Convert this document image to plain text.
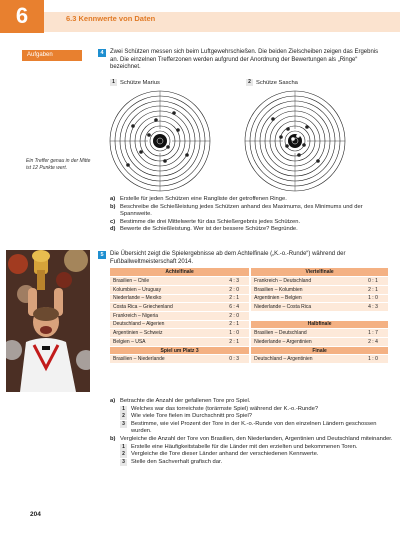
6	6.3 Kennwerte von Daten
Aufgaben
Ein Treffer genau in der Mitte ist 12 Punkte wert.
4	Zwei Schützen messen sich beim Luftgewehrschießen. Die beiden Zielscheiben zeigen das Ergebnis an. Die einzelnen Trefferzonen werden aufgrund der Anordnung der Bewertungen als „Ringe“ bezeichnet.
1 Schütze Marius	2 Schütze Sascha
a) Erstelle für jeden Schützen eine Rangliste der getroffenen Ringe.
b) Beschreibe die Schießleistung jedes Schützen anhand des Maximums, des Minimums und der Spannweite.
c) Bestimme die drei Mittelwerte für das Schießergebnis jedes Schützen.
d) Bewerte die Schießleistung. Wer ist der bessere Schütze? Begründe.
5	Die Übersicht zeigt die Spielergebnisse ab dem Achtelfinale („K.-o.-Runde“) während der Fußballweltmeisterschaft 2014.
Achtelfinale			Viertelfinale	
Brasilien – Chile	4 : 3		Frankreich – Deutschland	0 : 1
Kolumbien – Uruguay	2 : 0		Brasilien – Kolumbien	2 : 1
Niederlande – Mexiko	2 : 1		Argentinien – Belgien	1 : 0
Costa Rica – Griechenland	6 : 4		Niederlande – Costa Rica	4 : 3
Frankreich – Nigeria	2 : 0			
Deutschland – Algerien	2 : 1		Halbfinale	
Argentinien – Schweiz	1 : 0		Brasilien – Deutschland	1 : 7
Belgien – USA	2 : 1		Niederlande – Argentinien	2 : 4
Spiel um Platz 3			Finale	
Brasilien – Niederlande	0 : 3		Deutschland – Argentinien	1 : 0
a) Betrachte die Anzahl der gefallenen Tore pro Spiel.
1	Welches war das torreichste (torärmste Spiel) während der K.-o.-Runde?
2	Wie viele Tore fielen im Durchschnitt pro Spiel?
3	Bestimme, wie viel Prozent der Tore in der K.-o.-Runde von den einzelnen Ländern geschossen wurden.
b) Vergleiche die Anzahl der Tore von Brasilien, den Niederlanden, Argentinien und Deutschland miteinander.
1	Erstelle eine Häufigkeitstabelle für die Länder mit den erzielten und bekommenen Toren.
2	Vergleiche die Tore dieser Länder anhand der verschiedenen Kennwerte.
3	Stelle den Sachverhalt grafisch dar.
204
